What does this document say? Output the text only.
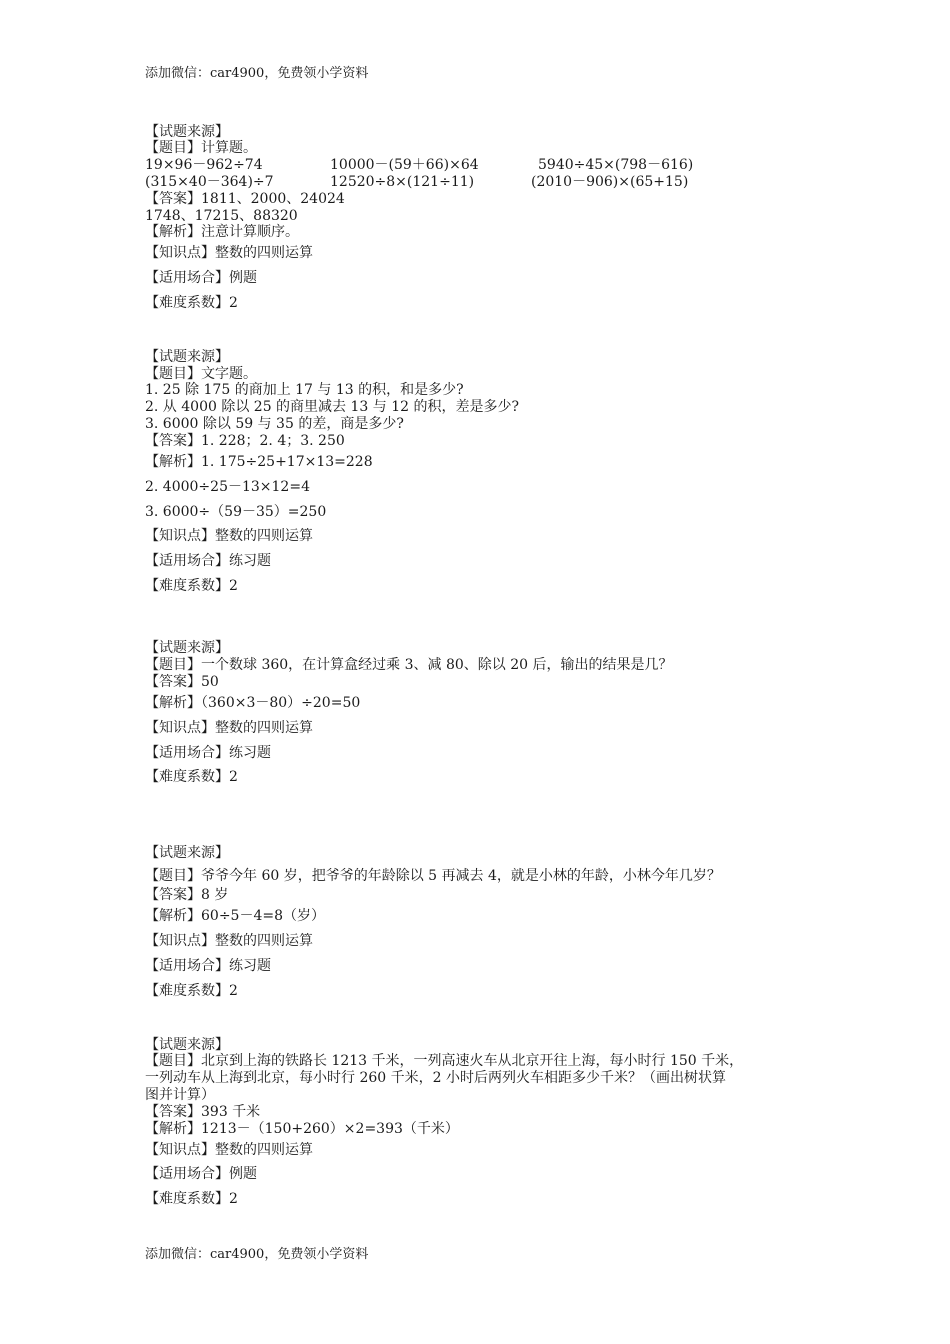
添加微信：car4900，免费领小学资料
【试题来源】
【题目】计算题。
19×96－962÷74	10000－(59＋66)×64	5940÷45×(798－616)
(315×40－364)÷7	12520÷8×(121÷11)	(2010－906)×(65+15)
【答案】1811、2000、24024
1748、17215、88320
【解析】注意计算顺序。
【知识点】整数的四则运算
【适用场合】例题
【难度系数】2
【试题来源】
【题目】文字题。
1. 25 除 175 的商加上 17 与 13 的积，和是多少?
2. 从 4000 除以 25 的商里减去 13 与 12 的积，差是多少?
3. 6000 除以 59 与 35 的差，商是多少?
【答案】1. 228；2. 4；3. 250
【解析】1. 175÷25+17×13=228
2. 4000÷25－13×12=4
3. 6000÷（59－35）=250
【知识点】整数的四则运算
【适用场合】练习题
【难度系数】2
【试题来源】
【题目】一个数球 360，在计算盒经过乘 3、减 80、除以 20 后，输出的结果是几？
【答案】50
【解析】（360×3－80）÷20=50
【知识点】整数的四则运算
【适用场合】练习题
【难度系数】2
【试题来源】
【题目】爷爷今年 60 岁，把爷爷的年龄除以 5 再减去 4，就是小林的年龄，小林今年几岁？
【答案】8 岁
【解析】60÷5－4=8（岁）
【知识点】整数的四则运算
【适用场合】练习题
【难度系数】2
【试题来源】
【题目】北京到上海的铁路长 1213 千米，一列高速火车从北京开往上海，每小时行 150 千米，
一列动车从上海到北京，每小时行 260 千米，2 小时后两列火车相距多少千米？（画出树状算
图并计算）
【答案】393 千米
【解析】1213－（150+260）×2=393（千米）
【知识点】整数的四则运算
【适用场合】例题
【难度系数】2
添加微信：car4900，免费领小学资料
